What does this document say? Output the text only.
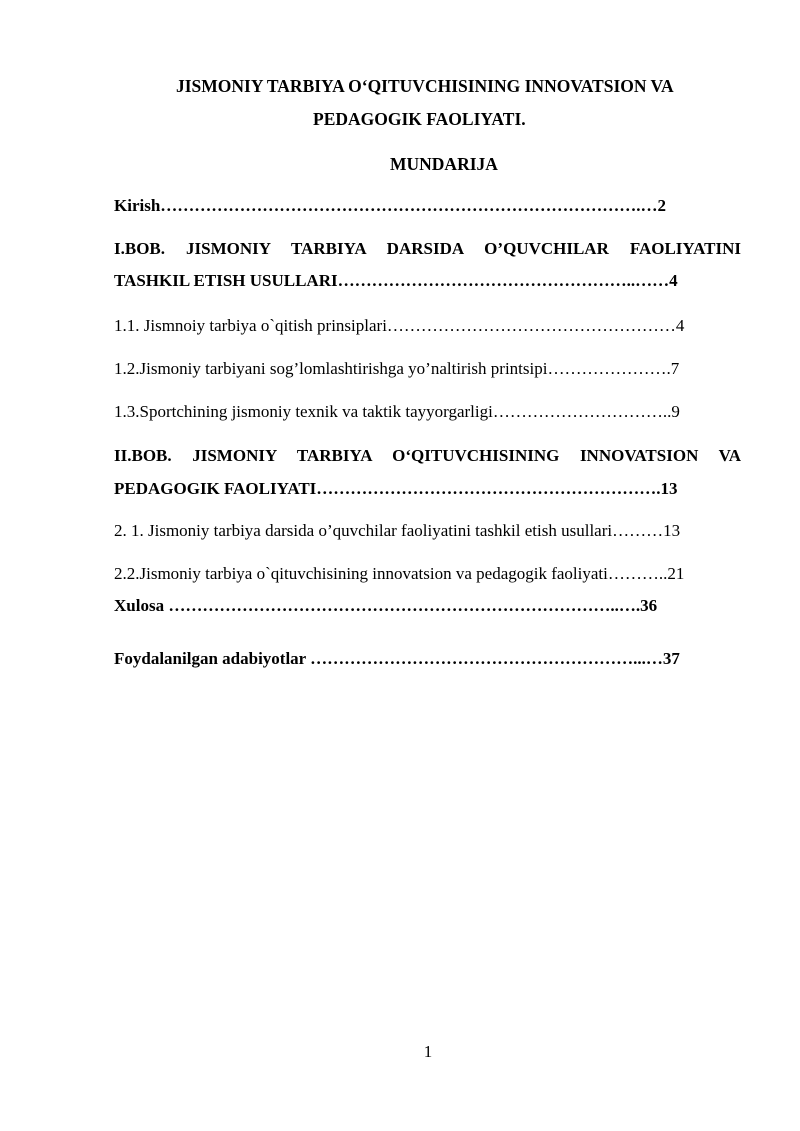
JISMONIY TARBIYA O‘QITUVCHISINING INNOVATSION VA
PEDAGOGIK FAOLIYATI.
MUNDARIJA
Kirish………………………………………………………………………….…2
I.BOB. JISMONIY TARBIYA DARSIDA O’QUVCHILAR FAOLIYATINI
TASHKIL ETISH USULLARI……………………………………………..……4
1.1. Jismnoiy tarbiya o`qitish prinsiplari……………………………………………4
1.2.Jismoniy tarbiyani sog’lomlashtirishga yo’naltirish printsipi………………….7
1.3.Sportchining jismoniy texnik va taktik tayyorgarligi…………………………..9
II.BOB. JISMONIY TARBIYA O‘QITUVCHISINING INNOVATSION VA
PEDAGOGIK FAOLIYATI…………………………………………………….13
2. 1. Jismoniy tarbiya darsida o’quvchilar faoliyatini tashkil etish usullari………13
2.2.Jismoniy tarbiya o`qituvchisining innovatsion va pedagogik faoliyati………..21
Xulosa ……………………………………………………………………..….36
Foydalanilgan adabiyotlar …………………………………………………...…37
1
